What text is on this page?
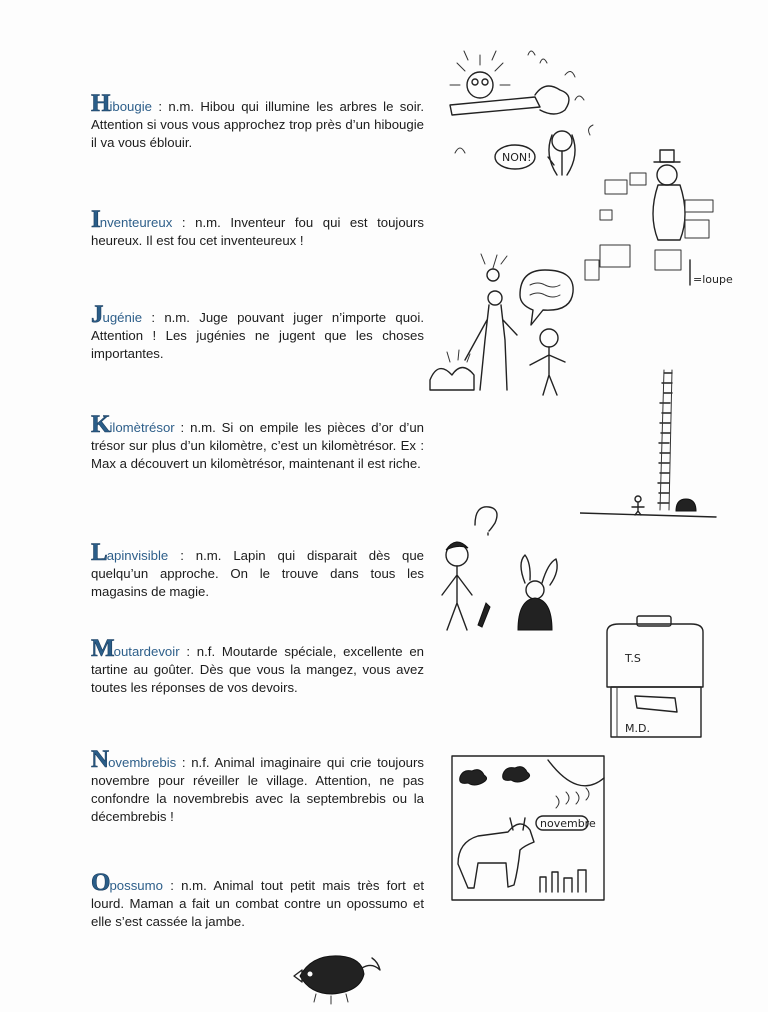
Hibougie : n.m. Hibou qui illumine les arbres le soir. Attention si vous vous approchez trop près d’un hibougie il va vous éblouir.
Inventeureux : n.m. Inventeur fou qui est toujours heureux. Il est fou cet inventeureux !
Jugénie : n.m. Juge pouvant juger n’importe quoi. Attention ! Les jugénies ne jugent que les choses importantes.
Kilomètrésor : n.m. Si on empile les pièces d’or d’un trésor sur plus d’un kilomètre, c’est un kilomètrésor. Ex : Max a découvert un kilomètrésor, maintenant il est riche.
Lapinvisible : n.m. Lapin qui disparait dès que quelqu’un approche. On le trouve dans tous les magasins de magie.
Moutardevoir : n.f. Moutarde spéciale, excellente en tartine au goûter. Dès que vous la mangez, vous avez toutes les réponses de vos devoirs.
Novembrebis : n.f. Animal imaginaire qui crie toujours novembre pour réveiller le village. Attention, ne pas confondre la novembrebis avec la septembrebis ou la décembrebis !
Opossumo : n.m. Animal tout petit mais très fort et lourd. Maman a fait un combat contre un opossumo et elle s’est cassée la jambe.
NON!
=loupe
T.S
M.D.
novembre
